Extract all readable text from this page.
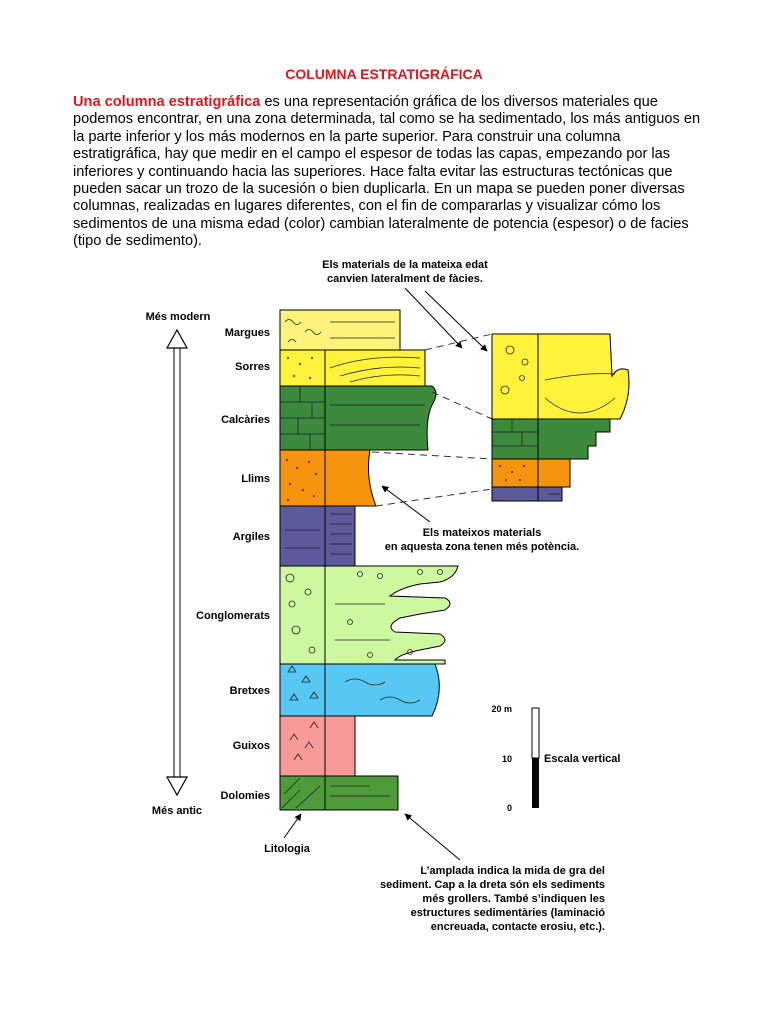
COLUMNA ESTRATIGRÁFICA
Una columna estratigráfica es una representación gráfica de los diversos materiales que podemos encontrar, en una zona determinada, tal como se ha sedimentado, los más antiguos en la parte inferior y los más modernos en la parte superior. Para construir una columna estratigráfica, hay que medir en el campo el espesor de todas las capas, empezando por las inferiores y continuando hacia las superiores. Hace falta evitar las estructuras tectónicas que pueden sacar un trozo de la sucesión o bien duplicarla. En un mapa se pueden poner diversas columnas, realizadas en lugares diferentes, con el fin de compararlas y visualizar cómo los sedimentos de una misma edad (color) cambian lateralmente de potencia (espesor) o de facies (tipo de sedimento).
Els materials de la mateixa edat
canvien lateralment de fàcies.
Més modern
Més antic
Margues
Sorres
Calcàries
Llims
Argiles
Conglomerats
Bretxes
Guixos
Dolomies
Els mateixos materials
en aquesta zona tenen més potència.
20 m
10
0
Escala vertical
Litologia
L’amplada indica la mida de gra del
sediment. Cap a la dreta són els sediments
més grollers. També s’indiquen les
estructures sedimentàries (laminació
encreuada, contacte erosiu, etc.).
